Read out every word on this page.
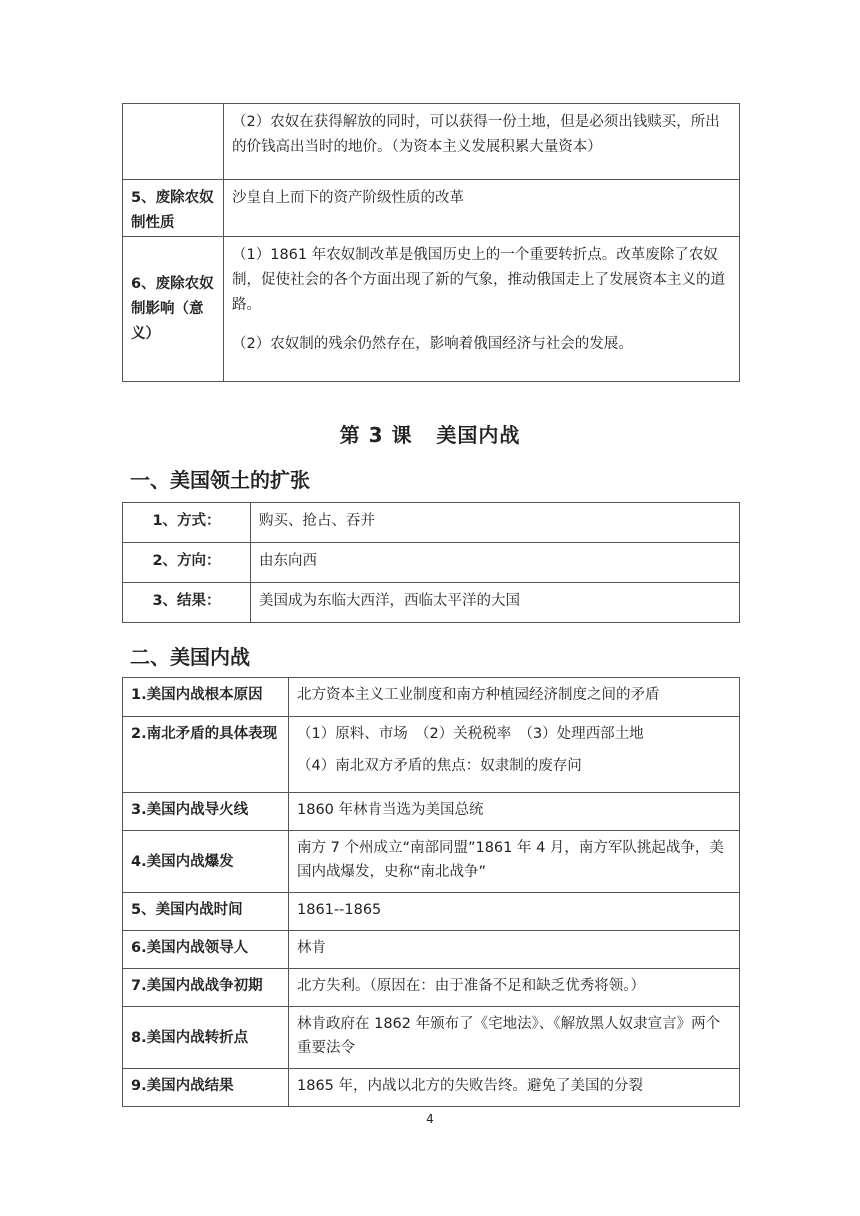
	（2）农奴在获得解放的同时，可以获得一份土地，但是必须出钱赎买，所出的价钱高出当时的地价。（为资本主义发展积累大量资本）

5、废除农奴制性质	沙皇自上而下的资产阶级性质的改革

6、废除农奴制影响（意义）	（1）1861 年农奴制改革是俄国历史上的一个重要转折点。改革废除了农奴制，促使社会的各个方面出现了新的气象，推动俄国走上了发展资本主义的道路。

（2）农奴制的残余仍然存在，影响着俄国经济与社会的发展。

第 3 课   美国内战
一、美国领土的扩张
1、方式：	购买、抢占、吞并

2、方向：	由东向西

3、结果：	美国成为东临大西洋，西临太平洋的大国
二、美国内战
1.美国内战根本原因	北方资本主义工业制度和南方种植园经济制度之间的矛盾

2.南北矛盾的具体表现	（1）原料、市场　（2）关税税率　（3）处理西部土地

（4）南北双方矛盾的焦点：奴隶制的废存问

3.美国内战导火线	1860 年林肯当选为美国总统

4.美国内战爆发	南方 7 个州成立“南部同盟”1861 年 4 月，南方军队挑起战争，美国内战爆发，史称“南北战争”

5、美国内战时间	1861--1865

6.美国内战领导人	林肯

7.美国内战战争初期	北方失利。（原因在：由于准备不足和缺乏优秀将领。）

8.美国内战转折点	林肯政府在 1862 年颁布了《宅地法》、《解放黑人奴隶宣言》两个重要法令

9.美国内战结果	1865 年，内战以北方的失败告终。避免了美国的分裂

4
